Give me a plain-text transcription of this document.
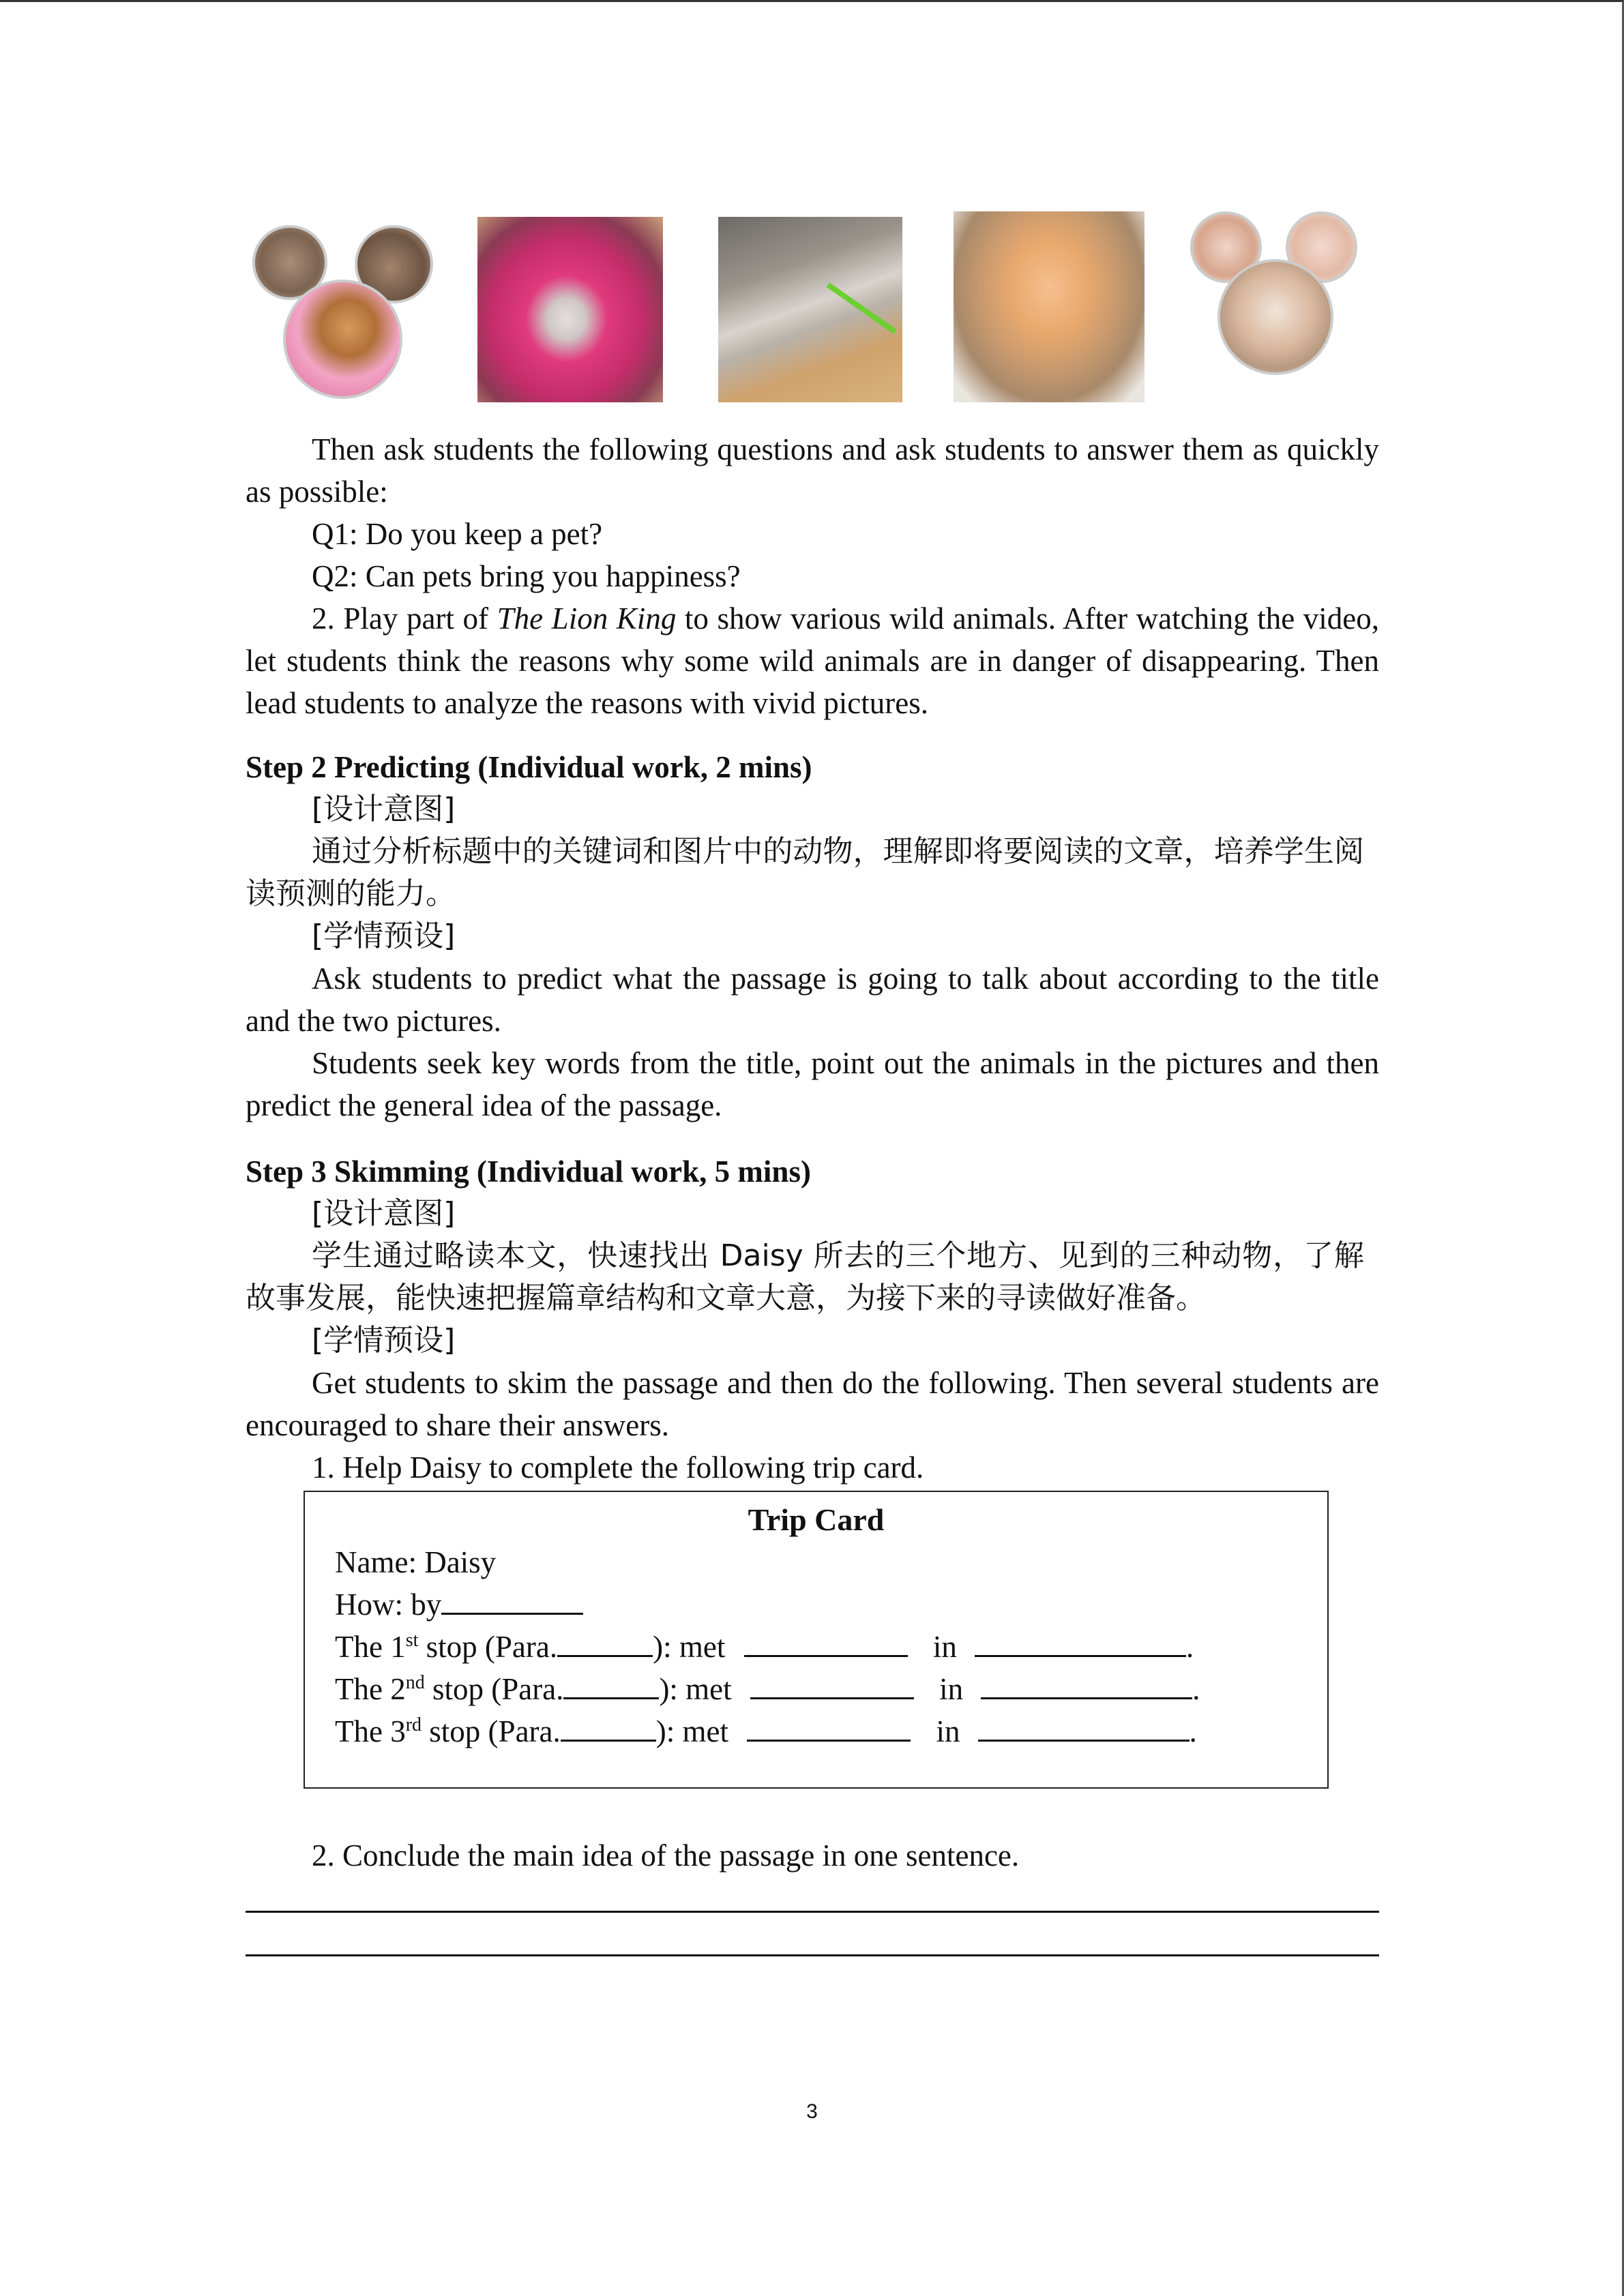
Then ask students the following questions and ask students to answer them as quickly as possible:

Q1: Do you keep a pet?

Q2: Can pets bring you happiness?

2. Play part of The Lion King to show various wild animals. After watching the video, let students think the reasons why some wild animals are in danger of disappearing. Then lead students to analyze the reasons with vivid pictures.

Step 2 Predicting (Individual work, 2 mins)

[设计意图]

通过分析标题中的关键词和图片中的动物，理解即将要阅读的文章，培养学生阅读预测的能力。

[学情预设]

Ask students to predict what the passage is going to talk about according to the title and the two pictures.

Students seek key words from the title, point out the animals in the pictures and then predict the general idea of the passage.

Step 3 Skimming (Individual work, 5 mins)

[设计意图]

学生通过略读本文，快速找出 Daisy 所去的三个地方、见到的三种动物，了解故事发展，能快速把握篇章结构和文章大意，为接下来的寻读做好准备。

[学情预设]

Get students to skim the passage and then do the following. Then several students are encouraged to share their answers.

1. Help Daisy to complete the following trip card.

Trip Card

Name: Daisy
How: by
The 1st stop (Para.	): met	in	.
The 2nd stop (Para.	): met	in	.
The 3rd stop (Para.	): met	in	.

2. Conclude the main idea of the passage in one sentence.

3
